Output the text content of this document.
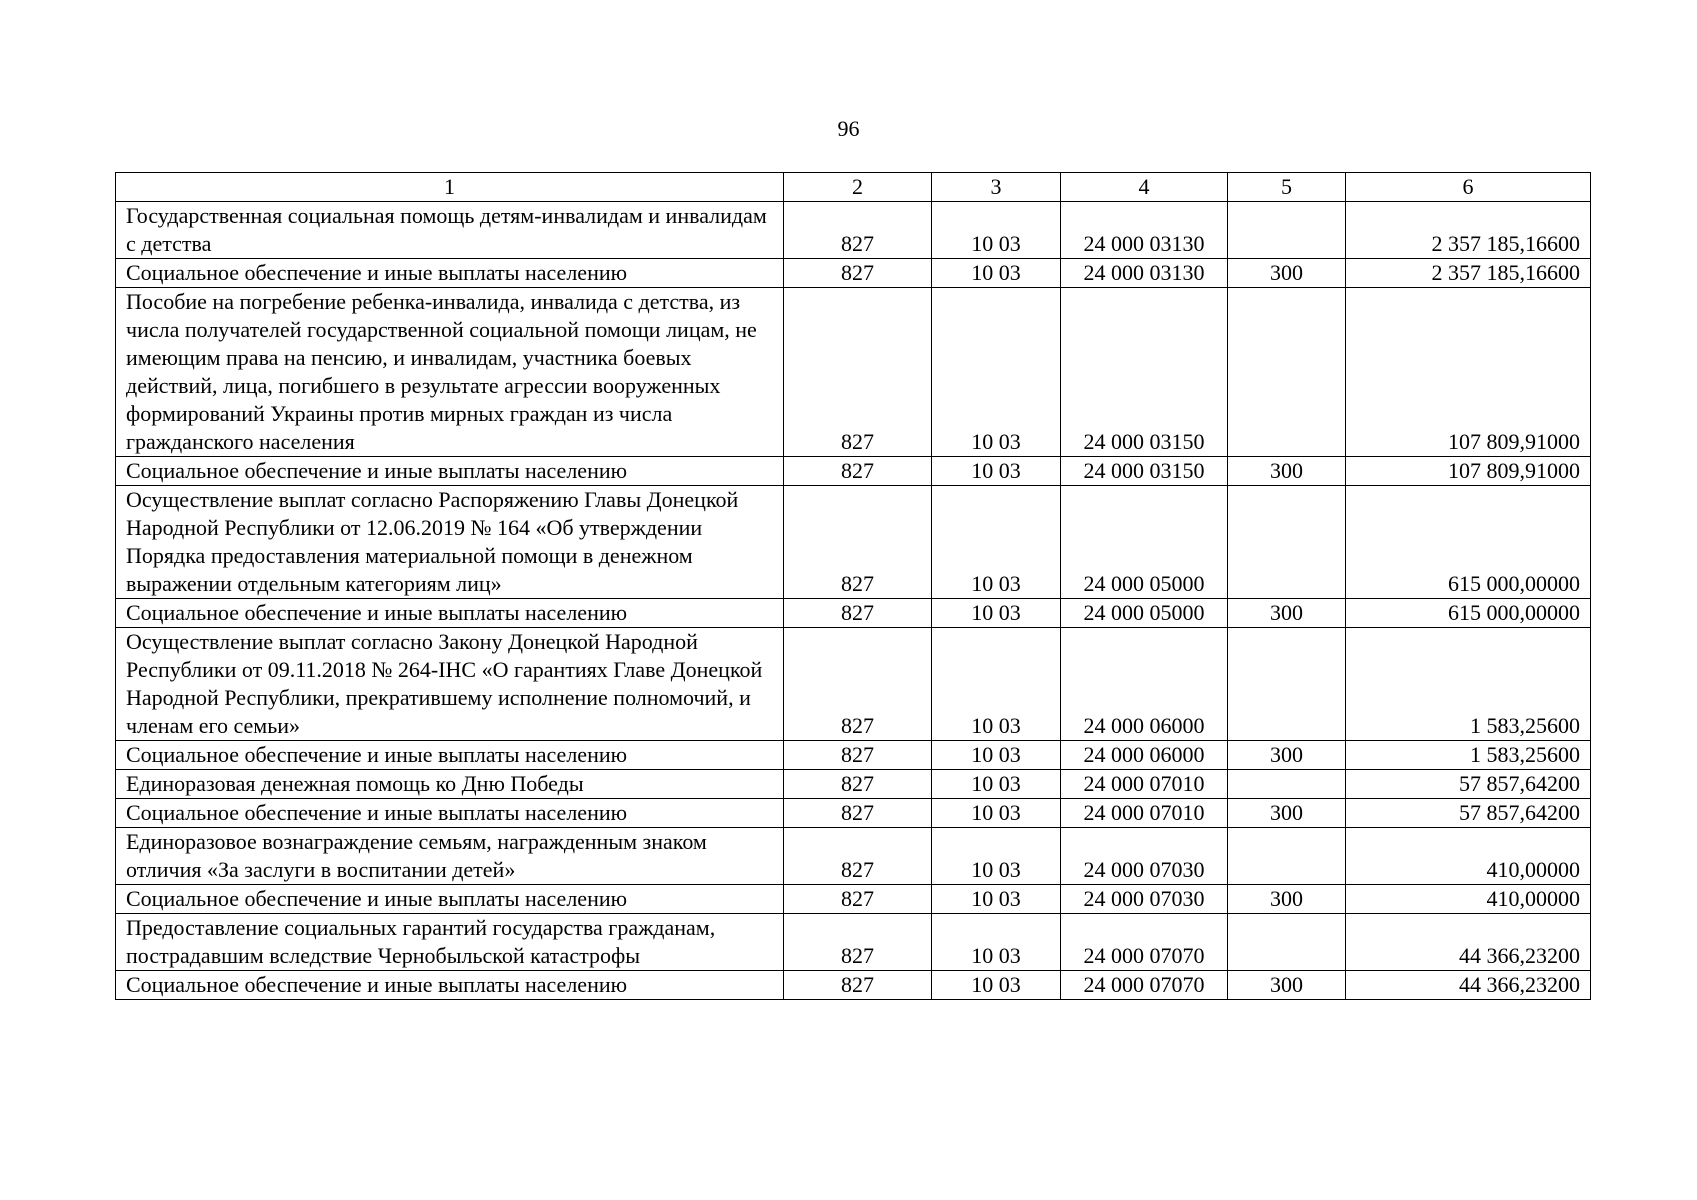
96
1	2	3	4	5	6
Государственная социальная помощь детям-инвалидам и инвалидам с детства	827	10 03	24 000 03130		2 357 185,16600
Социальное обеспечение и иные выплаты населению	827	10 03	24 000 03130	300	2 357 185,16600
Пособие на погребение ребенка-инвалида, инвалида с детства, из числа получателей государственной социальной помощи лицам, не имеющим права на пенсию, и инвалидам, участника боевых действий, лица, погибшего в результате агрессии вооруженных формирований Украины против мирных граждан из числа гражданского населения	827	10 03	24 000 03150		107 809,91000
Социальное обеспечение и иные выплаты населению	827	10 03	24 000 03150	300	107 809,91000
Осуществление выплат согласно Распоряжению Главы Донецкой Народной Республики от 12.06.2019 № 164 «Об утверждении Порядка предоставления материальной помощи в денежном выражении отдельным категориям лиц»	827	10 03	24 000 05000		615 000,00000
Социальное обеспечение и иные выплаты населению	827	10 03	24 000 05000	300	615 000,00000
Осуществление выплат согласно Закону Донецкой Народной Республики от 09.11.2018 № 264-IНС «О гарантиях Главе Донецкой Народной Республики, прекратившему исполнение полномочий, и членам его семьи»	827	10 03	24 000 06000		1 583,25600
Социальное обеспечение и иные выплаты населению	827	10 03	24 000 06000	300	1 583,25600
Единоразовая денежная помощь ко Дню Победы	827	10 03	24 000 07010		57 857,64200
Социальное обеспечение и иные выплаты населению	827	10 03	24 000 07010	300	57 857,64200
Единоразовое вознаграждение семьям, награжденным знаком отличия «За заслуги в воспитании детей»	827	10 03	24 000 07030		410,00000
Социальное обеспечение и иные выплаты населению	827	10 03	24 000 07030	300	410,00000
Предоставление социальных гарантий государства гражданам, пострадавшим вследствие Чернобыльской катастрофы	827	10 03	24 000 07070		44 366,23200
Социальное обеспечение и иные выплаты населению	827	10 03	24 000 07070	300	44 366,23200
